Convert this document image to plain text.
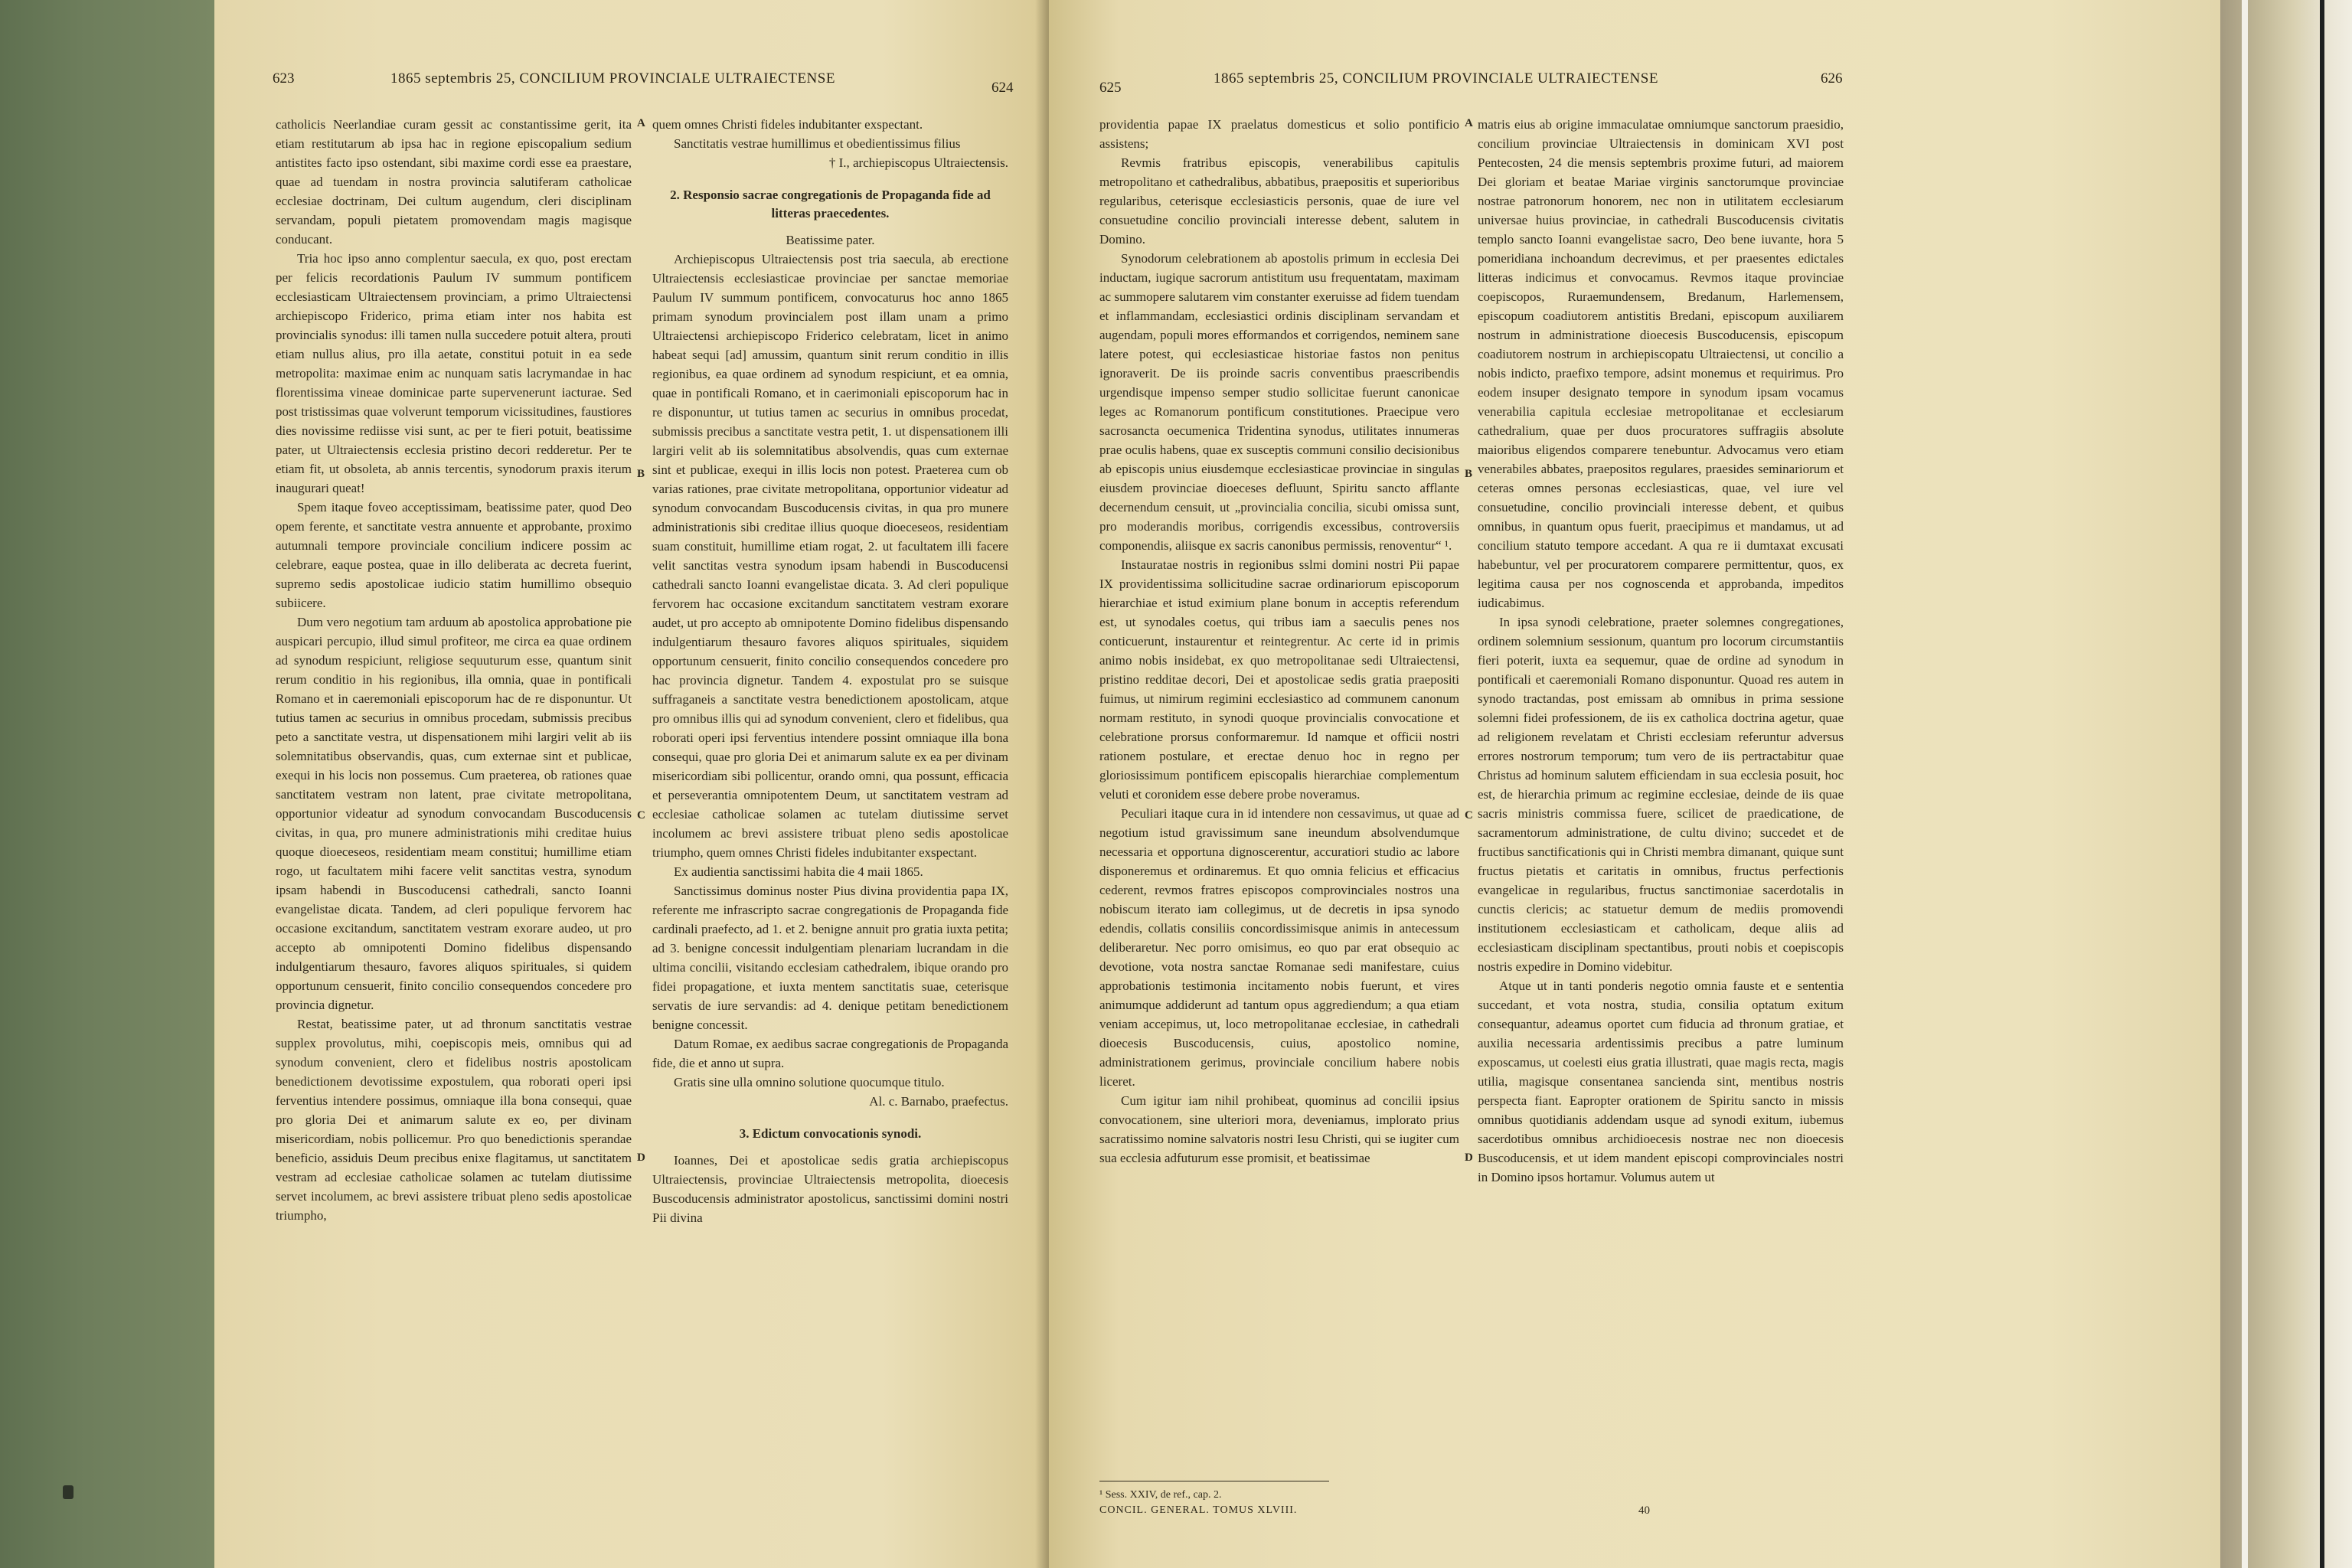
623	1865 septembris 25, CONCILIUM PROVINCIALE ULTRAIECTENSE
624

catholicis Neerlandiae curam gessit ac constantissime gerit, ita etiam restitutarum ab ipsa hac in regione episcopalium sedium antistites facto ipso ostendant, sibi maxime cordi esse ea praestare, quae ad tuendam in nostra provincia salutiferam catholicae ecclesiae doctrinam, Dei cultum augendum, cleri disciplinam servandam, populi pietatem promovendam magis magisque conducant.

Tria hoc ipso anno complentur saecula, ex quo, post erectam per felicis recordationis Paulum IV summum pontificem ecclesiasticam Ultraiectensem provinciam, a primo Ultraiectensi archiepiscopo Friderico, prima etiam inter nos habita est provincialis synodus: illi tamen nulla succedere potuit altera, prouti etiam nullus alius, pro illa aetate, constitui potuit in ea sede metropolita: maximae enim ac nunquam satis lacrymandae in hac florentissima vineae dominicae parte supervenerunt iacturae. Sed post tristissimas quae volverunt temporum vicissitudines, faustiores dies novissime rediisse visi sunt, ac per te fieri potuit, beatissime pater, ut Ultraiectensis ecclesia pristino decori redderetur. Per te etiam fit, ut obsoleta, ab annis tercentis, synodorum praxis iterum inaugurari queat!

Spem itaque foveo acceptissimam, beatissime pater, quod Deo opem ferente, et sanctitate vestra annuente et approbante, proximo autumnali tempore provinciale concilium indicere possim ac celebrare, eaque postea, quae in illo deliberata ac decreta fuerint, supremo sedis apostolicae iudicio statim humillimo obsequio subiicere.

Dum vero negotium tam arduum ab apostolica approbatione pie auspicari percupio, illud simul profiteor, me circa ea quae ordinem ad synodum respiciunt, religiose sequuturum esse, quantum sinit rerum conditio in his regionibus, illa omnia, quae in pontificali Romano et in caeremoniali episcoporum hac de re disponuntur. Ut tutius tamen ac securius in omnibus procedam, submissis precibus peto a sanctitate vestra, ut dispensationem mihi largiri velit ab iis solemnitatibus observandis, quas, cum externae sint et publicae, exequi in his locis non possemus. Cum praeterea, ob rationes quae sanctitatem vestram non latent, prae civitate metropolitana, opportunior videatur ad synodum convocandam Buscoducensis civitas, in qua, pro munere administrationis mihi creditae huius quoque dioeceseos, residentiam meam constitui; humillime etiam rogo, ut facultatem mihi facere velit sanctitas vestra, synodum ipsam habendi in Buscoducensi cathedrali, sancto Ioanni evangelistae dicata. Tandem, ad cleri populique fervorem hac occasione excitandum, sanctitatem vestram exorare audeo, ut pro accepto ab omnipotenti Domino fidelibus dispensando indulgentiarum thesauro, favores aliquos spirituales, si quidem opportunum censuerit, finito concilio consequendos concedere pro provincia dignetur.

Restat, beatissime pater, ut ad thronum sanctitatis vestrae supplex provolutus, mihi, coepiscopis meis, omnibus qui ad synodum convenient, clero et fidelibus nostris apostolicam benedictionem devotissime expostulem, qua roborati operi ipsi ferventius intendere possimus, omniaque illa bona consequi, quae pro gloria Dei et animarum salute ex eo, per divinam misericordiam, nobis pollicemur. Pro quo benedictionis sperandae beneficio, assiduis Deum precibus enixe flagitamus, ut sanctitatem vestram ad ecclesiae catholicae solamen ac tutelam diutissime servet incolumem, ac brevi assistere tribuat pleno sedis apostolicae triumpho,

A
B
C
D

quem omnes Christi fideles indubitanter exspectant.

Sanctitatis vestrae humillimus et obedientissimus filius

† I., archiepiscopus Ultraiectensis.

2. Responsio sacrae congregationis de Propaganda fide ad litteras praecedentes.

Beatissime pater.

Archiepiscopus Ultraiectensis post tria saecula, ab erectione Ultraiectensis ecclesiasticae provinciae per sanctae memoriae Paulum IV summum pontificem, convocaturus hoc anno 1865 primam synodum provincialem post illam unam a primo Ultraiectensi archiepiscopo Friderico celebratam, licet in animo habeat sequi [ad] amussim, quantum sinit rerum conditio in illis regionibus, ea quae ordinem ad synodum respiciunt, et ea omnia, quae in pontificali Romano, et in caerimoniali episcoporum hac in re disponuntur, ut tutius tamen ac securius in omnibus procedat, submissis precibus a sanctitate vestra petit, 1. ut dispensationem illi largiri velit ab iis solemnitatibus absolvendis, quas cum externae sint et publicae, exequi in illis locis non potest. Praeterea cum ob varias rationes, prae civitate metropolitana, opportunior videatur ad synodum convocandam Buscoducensis civitas, in qua pro munere administrationis sibi creditae illius quoque dioeceseos, residentiam suam constituit, humillime etiam rogat, 2. ut facultatem illi facere velit sanctitas vestra synodum ipsam habendi in Buscoducensi cathedrali sancto Ioanni evangelistae dicata. 3. Ad cleri populique fervorem hac occasione excitandum sanctitatem vestram exorare audet, ut pro accepto ab omnipotente Domino fidelibus dispensando indulgentiarum thesauro favores aliquos spirituales, siquidem opportunum censuerit, finito concilio consequendos concedere pro hac provincia dignetur. Tandem 4. expostulat pro se suisque suffraganeis a sanctitate vestra benedictionem apostolicam, atque pro omnibus illis qui ad synodum convenient, clero et fidelibus, qua roborati operi ipsi ferventius intendere possint omniaque illa bona consequi, quae pro gloria Dei et animarum salute ex ea per divinam misericordiam sibi pollicentur, orando omni, qua possunt, efficacia et perseverantia omnipotentem Deum, ut sanctitatem vestram ad ecclesiae catholicae solamen ac tutelam diutissime servet incolumem ac brevi assistere tribuat pleno sedis apostolicae triumpho, quem omnes Christi fideles indubitanter exspectant.

Ex audientia sanctissimi habita die 4 maii 1865.

Sanctissimus dominus noster Pius divina providentia papa IX, referente me infrascripto sacrae congregationis de Propaganda fide cardinali praefecto, ad 1. et 2. benigne annuit pro gratia iuxta petita; ad 3. benigne concessit indulgentiam plenariam lucrandam in die ultima concilii, visitando ecclesiam cathedralem, ibique orando pro fidei propagatione, et iuxta mentem sanctitatis suae, ceterisque servatis de iure servandis: ad 4. denique petitam benedictionem benigne concessit.

Datum Romae, ex aedibus sacrae congregationis de Propaganda fide, die et anno ut supra.

Gratis sine ulla omnino solutione quocumque titulo.

Al. c. Barnabo, praefectus.

3. Edictum convocationis synodi.

Ioannes, Dei et apostolicae sedis gratia archiepiscopus Ultraiectensis, provinciae Ultraiectensis metropolita, dioecesis Buscoducensis administrator apostolicus, sanctissimi domini nostri Pii divina

625
1865 septembris 25, CONCILIUM PROVINCIALE ULTRAIECTENSE	626

providentia papae IX praelatus domesticus et solio pontificio assistens;

Revmis fratribus episcopis, venerabilibus capitulis metropolitano et cathedralibus, abbatibus, praepositis et superioribus regularibus, ceterisque ecclesiasticis personis, quae de iure vel consuetudine concilio provinciali interesse debent, salutem in Domino.

Synodorum celebrationem ab apostolis primum in ecclesia Dei inductam, iugique sacrorum antistitum usu frequentatam, maximam ac summopere salutarem vim constanter exeruisse ad fidem tuendam et inflammandam, ecclesiastici ordinis disciplinam servandam et augendam, populi mores efformandos et corrigendos, neminem sane latere potest, qui ecclesiasticae historiae fastos non penitus ignoraverit. De iis proinde sacris conventibus praescribendis urgendisque impenso semper studio sollicitae fuerunt canonicae leges ac Romanorum pontificum constitutiones. Praecipue vero sacrosancta oecumenica Tridentina synodus, utilitates innumeras prae oculis habens, quae ex susceptis communi consilio decisionibus ab episcopis unius eiusdemque ecclesiasticae provinciae in singulas eiusdem provinciae dioeceses defluunt, Spiritu sancto afflante decernendum censuit, ut „provincialia concilia, sicubi omissa sunt, pro moderandis moribus, corrigendis excessibus, controversiis componendis, aliisque ex sacris canonibus permissis, renoventur“ ¹.

Instauratae nostris in regionibus sslmi domini nostri Pii papae IX providentissima sollicitudine sacrae ordinariorum episcoporum hierarchiae et istud eximium plane bonum in acceptis referendum est, ut synodales coetus, qui tribus iam a saeculis penes nos conticuerunt, instaurentur et reintegrentur. Ac certe id in primis animo nobis insidebat, ex quo metropolitanae sedi Ultraiectensi, pristino redditae decori, Dei et apostolicae sedis gratia praepositi fuimus, ut nimirum regimini ecclesiastico ad communem canonum normam restituto, in synodi quoque provincialis convocatione et celebratione prorsus conformaremur. Id namque et officii nostri rationem postulare, et erectae denuo hoc in regno per gloriosissimum pontificem episcopalis hierarchiae complementum veluti et coronidem esse debere probe noveramus.

Peculiari itaque cura in id intendere non cessavimus, ut quae ad negotium istud gravissimum sane ineundum absolvendumque necessaria et opportuna dignoscerentur, accuratiori studio ac labore disponeremus et ordinaremus. Et quo omnia felicius et efficacius cederent, revmos fratres episcopos comprovinciales nostros una nobiscum iterato iam collegimus, ut de decretis in ipsa synodo edendis, collatis consiliis concordissimisque animis in antecessum deliberaretur. Nec porro omisimus, eo quo par erat obsequio ac devotione, vota nostra sanctae Romanae sedi manifestare, cuius approbationis testimonia incitamento nobis fuerunt, et vires animumque addiderunt ad tantum opus aggrediendum; a qua etiam veniam accepimus, ut, loco metropolitanae ecclesiae, in cathedrali dioecesis Buscoducensis, cuius, apostolico nomine, administrationem gerimus, provinciale concilium habere nobis liceret.

Cum igitur iam nihil prohibeat, quominus ad concilii ipsius convocationem, sine ulteriori mora, deveniamus, implorato prius sacratissimo nomine salvatoris nostri Iesu Christi, qui se iugiter cum sua ecclesia adfuturum esse promisit, et beatissimae

¹ Sess. XXIV, de ref., cap. 2.

CONCIL. GENERAL. TOMUS XLVIII.

A
B
C
D

matris eius ab origine immaculatae omniumque sanctorum praesidio, concilium provinciae Ultraiectensis in dominicam XVI post Pentecosten, 24 die mensis septembris proxime futuri, ad maiorem Dei gloriam et beatae Mariae virginis sanctorumque provinciae nostrae patronorum honorem, nec non in utilitatem ecclesiarum universae huius provinciae, in cathedrali Buscoducensis civitatis templo sancto Ioanni evangelistae sacro, Deo bene iuvante, hora 5 pomeridiana inchoandum decrevimus, et per praesentes edictales litteras indicimus et convocamus. Revmos itaque provinciae coepiscopos, Ruraemundensem, Bredanum, Harlemensem, episcopum coadiutorem antistitis Bredani, episcopum auxiliarem nostrum in administratione dioecesis Buscoducensis, episcopum coadiutorem nostrum in archiepiscopatu Ultraiectensi, ut concilio a nobis indicto, praefixo tempore, adsint monemus et requirimus. Pro eodem insuper designato tempore in synodum ipsam vocamus venerabilia capitula ecclesiae metropolitanae et ecclesiarum cathedralium, quae per duos procuratores suffragiis absolute maioribus eligendos comparere tenebuntur. Advocamus vero etiam venerabiles abbates, praepositos regulares, praesides seminariorum et ceteras omnes personas ecclesiasticas, quae, vel iure vel consuetudine, concilio provinciali interesse debent, et quibus omnibus, in quantum opus fuerit, praecipimus et mandamus, ut ad concilium statuto tempore accedant. A qua re ii dumtaxat excusati habebuntur, vel per procuratorem comparere permittentur, quos, ex legitima causa per nos cognoscenda et approbanda, impeditos iudicabimus.

In ipsa synodi celebratione, praeter solemnes congregationes, ordinem solemnium sessionum, quantum pro locorum circumstantiis fieri poterit, iuxta ea sequemur, quae de ordine ad synodum in pontificali et caeremoniali Romano disponuntur. Quoad res autem in synodo tractandas, post emissam ab omnibus in prima sessione solemni fidei professionem, de iis ex catholica doctrina agetur, quae ad religionem revelatam et Christi ecclesiam referuntur adversus errores nostrorum temporum; tum vero de iis pertractabitur quae Christus ad hominum salutem efficiendam in sua ecclesia posuit, hoc est, de hierarchia primum ac regimine ecclesiae, deinde de iis quae sacris ministris commissa fuere, scilicet de praedicatione, de sacramentorum administratione, de cultu divino; succedet et de fructibus sanctificationis qui in Christi membra dimanant, quique sunt fructus pietatis et caritatis in omnibus, fructus perfectionis evangelicae in regularibus, fructus sanctimoniae sacerdotalis in cunctis clericis; ac statuetur demum de mediis promovendi institutionem ecclesiasticam et catholicam, deque aliis ad ecclesiasticam disciplinam spectantibus, prouti nobis et coepiscopis nostris expedire in Domino videbitur.

Atque ut in tanti ponderis negotio omnia fauste et e sententia succedant, et vota nostra, studia, consilia optatum exitum consequantur, adeamus oportet cum fiducia ad thronum gratiae, et auxilia necessaria ardentissimis precibus a patre luminum exposcamus, ut coelesti eius gratia illustrati, quae magis recta, magis utilia, magisque consentanea sancienda sint, mentibus nostris perspecta fiant. Eapropter orationem de Spiritu sancto in missis omnibus quotidianis addendam usque ad synodi exitum, iubemus sacerdotibus omnibus archidioecesis nostrae nec non dioecesis Buscoducensis, et ut idem mandent episcopi comprovinciales nostri in Domino ipsos hortamur. Volumus autem ut

40
